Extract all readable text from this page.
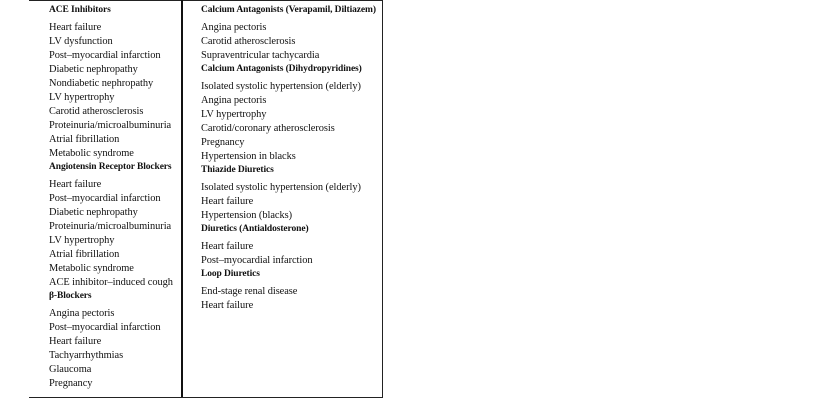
ACE Inhibitors
Heart failure
LV dysfunction
Post–myocardial infarction
Diabetic nephropathy
Nondiabetic nephropathy
LV hypertrophy
Carotid atherosclerosis
Proteinuria/microalbuminuria
Atrial fibrillation
Metabolic syndrome
Angiotensin Receptor Blockers
Heart failure
Post–myocardial infarction
Diabetic nephropathy
Proteinuria/microalbuminuria
LV hypertrophy
Atrial fibrillation
Metabolic syndrome
ACE inhibitor–induced cough
β-Blockers
Angina pectoris
Post–myocardial infarction
Heart failure
Tachyarrhythmias
Glaucoma
Pregnancy
Calcium Antagonists (Verapamil, Diltiazem)
Angina pectoris
Carotid atherosclerosis
Supraventricular tachycardia
Calcium Antagonists (Dihydropyridines)
Isolated systolic hypertension (elderly)
Angina pectoris
LV hypertrophy
Carotid/coronary atherosclerosis
Pregnancy
Hypertension in blacks
Thiazide Diuretics
Isolated systolic hypertension (elderly)
Heart failure
Hypertension (blacks)
Diuretics (Antialdosterone)
Heart failure
Post–myocardial infarction
Loop Diuretics
End-stage renal disease
Heart failure
